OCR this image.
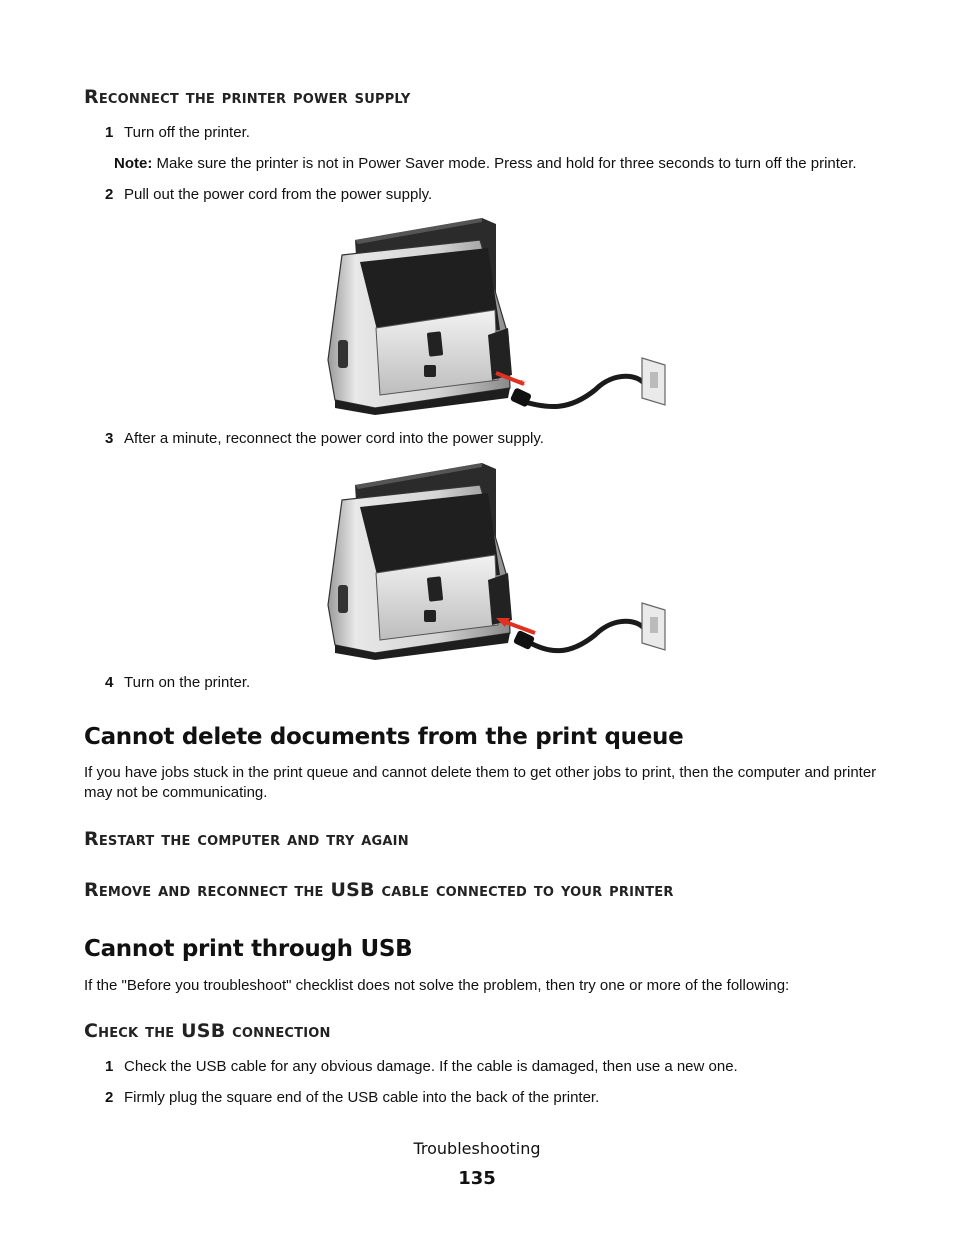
Reconnect the printer power supply
1 Turn off the printer.
Note: Make sure the printer is not in Power Saver mode. Press and hold for three seconds to turn off the printer.
2 Pull out the power cord from the power supply.
3 After a minute, reconnect the power cord into the power supply.
4 Turn on the printer.
Cannot delete documents from the print queue
If you have jobs stuck in the print queue and cannot delete them to get other jobs to print, then the computer and printer may not be communicating.
Restart the computer and try again
Remove and reconnect the USB cable connected to your printer
Cannot print through USB
If the "Before you troubleshoot" checklist does not solve the problem, then try one or more of the following:
Check the USB connection
1 Check the USB cable for any obvious damage. If the cable is damaged, then use a new one.
2 Firmly plug the square end of the USB cable into the back of the printer.
Troubleshooting
135
